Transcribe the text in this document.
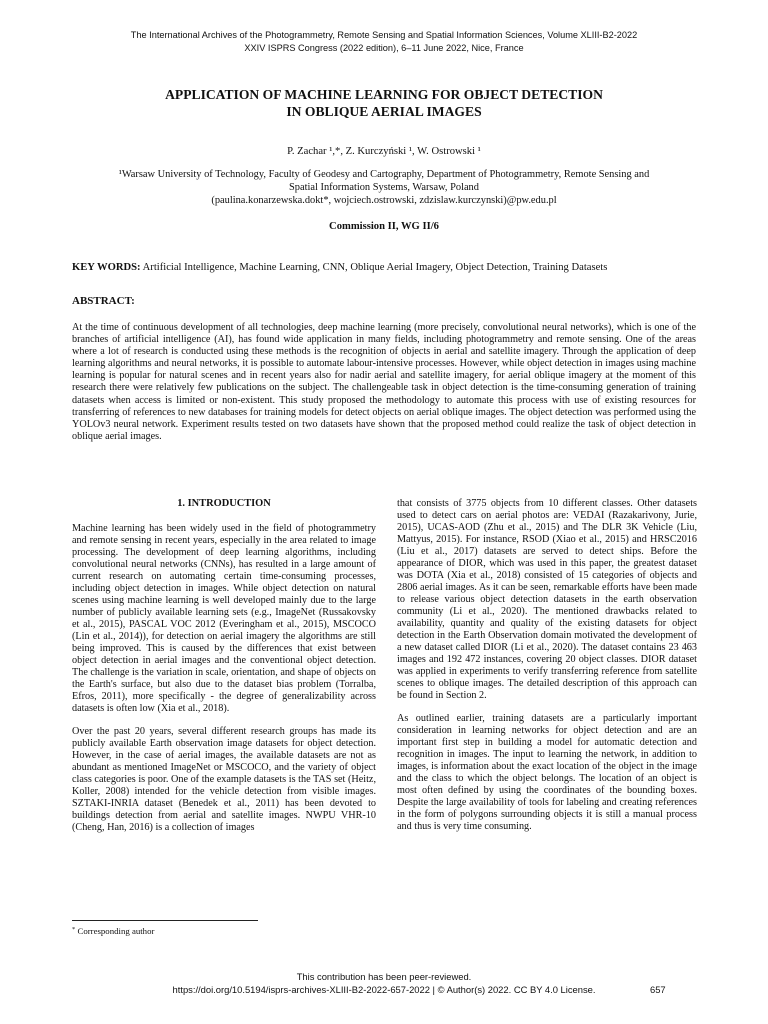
The International Archives of the Photogrammetry, Remote Sensing and Spatial Information Sciences, Volume XLIII-B2-2022
XXIV ISPRS Congress (2022 edition), 6–11 June 2022, Nice, France
APPLICATION OF MACHINE LEARNING FOR OBJECT DETECTION
IN OBLIQUE AERIAL IMAGES
P. Zachar ¹,*, Z. Kurczyński ¹, W. Ostrowski ¹
¹Warsaw University of Technology, Faculty of Geodesy and Cartography, Department of Photogrammetry, Remote Sensing and
Spatial Information Systems, Warsaw, Poland
(paulina.konarzewska.dokt*, wojciech.ostrowski, zdzislaw.kurczynski)@pw.edu.pl
Commission II, WG II/6
KEY WORDS: Artificial Intelligence, Machine Learning, CNN, Oblique Aerial Imagery, Object Detection, Training Datasets
ABSTRACT:

At the time of continuous development of all technologies, deep machine learning (more precisely, convolutional neural networks), which is one of the branches of artificial intelligence (AI), has found wide application in many fields, including photogrammetry and remote sensing. One of the areas where a lot of research is conducted using these methods is the recognition of objects in aerial and satellite imagery. Through the application of deep learning algorithms and neural networks, it is possible to automate labour-intensive processes. However, while object detection in images using machine learning is popular for natural scenes and in recent years also for nadir aerial and satellite imagery, for aerial oblique imagery at the moment of this research there were relatively few publications on the subject. The challengeable task in object detection is the time-consuming generation of training datasets when access is limited or non-existent. This study proposed the methodology to automate this process with use of existing resources for transferring of references to new databases for training models for detect objects on aerial oblique images. The object detection was performed using the YOLOv3 neural network. Experiment results tested on two datasets have shown that the proposed method could realize the task of object detection in oblique aerial images.

1. INTRODUCTION

Machine learning has been widely used in the field of photogrammetry and remote sensing in recent years, especially in the area related to image processing. The development of deep learning algorithms, including convolutional neural networks (CNNs), has resulted in a large amount of current research on automating certain time-consuming processes, including object detection in images. While object detection on natural scenes using machine learning is well developed mainly due to the large number of publicly available learning sets (e.g., ImageNet (Russakovsky et al., 2015), PASCAL VOC 2012 (Everingham et al., 2015), MSCOCO (Lin et al., 2014)), for detection on aerial imagery the algorithms are still being improved. This is caused by the differences that exist between object detection in aerial images and the conventional object detection. The challenge is the variation in scale, orientation, and shape of objects on the Earth's surface, but also due to the dataset bias problem (Torralba, Efros, 2011), more specifically - the degree of generalizability across datasets is often low (Xia et al., 2018).

Over the past 20 years, several different research groups has made its publicly available Earth observation image datasets for object detection. However, in the case of aerial images, the available datasets are not as abundant as mentioned ImageNet or MSCOCO, and the variety of object class categories is poor. One of the example datasets is the TAS set (Heitz, Koller, 2008) intended for the vehicle detection from visible images. SZTAKI-INRIA dataset (Benedek et al., 2011) has been devoted to buildings detection from aerial and satellite images. NWPU VHR-10 (Cheng, Han, 2016) is a collection of images

that consists of 3775 objects from 10 different classes. Other datasets used to detect cars on aerial photos are: VEDAI (Razakarivony, Jurie, 2015), UCAS-AOD (Zhu et al., 2015) and The DLR 3K Vehicle (Liu, Mattyus, 2015). For instance, RSOD (Xiao et al., 2015) and HRSC2016 (Liu et al., 2017) datasets are served to detect ships. Before the appearance of DIOR, which was used in this paper, the greatest dataset was DOTA (Xia et al., 2018) consisted of 15 categories of objects and 2806 aerial images. As it can be seen, remarkable efforts have been made to release various object detection datasets in the earth observation community (Li et al., 2020). The mentioned drawbacks related to availability, quantity and quality of the existing datasets for object detection in the Earth Observation domain motivated the development of a new dataset called DIOR (Li et al., 2020). The dataset contains 23 463 images and 192 472 instances, covering 20 object classes. DIOR dataset was applied in experiments to verify transferring reference from satellite scenes to oblique images. The detailed description of this approach can be found in Section 2.

As outlined earlier, training datasets are a particularly important consideration in learning networks for object detection and are an important first step in building a model for automatic detection and recognition in images. The input to learning the network, in addition to images, is information about the exact location of the object in the image and the class to which the object belongs. The location of an object is most often defined by using the coordinates of the bounding boxes. Despite the large availability of tools for labeling and creating references in the form of polygons surrounding objects it is still a manual process and thus is very time consuming.

* Corresponding author
This contribution has been peer-reviewed.
https://doi.org/10.5194/isprs-archives-XLIII-B2-2022-657-2022 | © Author(s) 2022. CC BY 4.0 License.	657
